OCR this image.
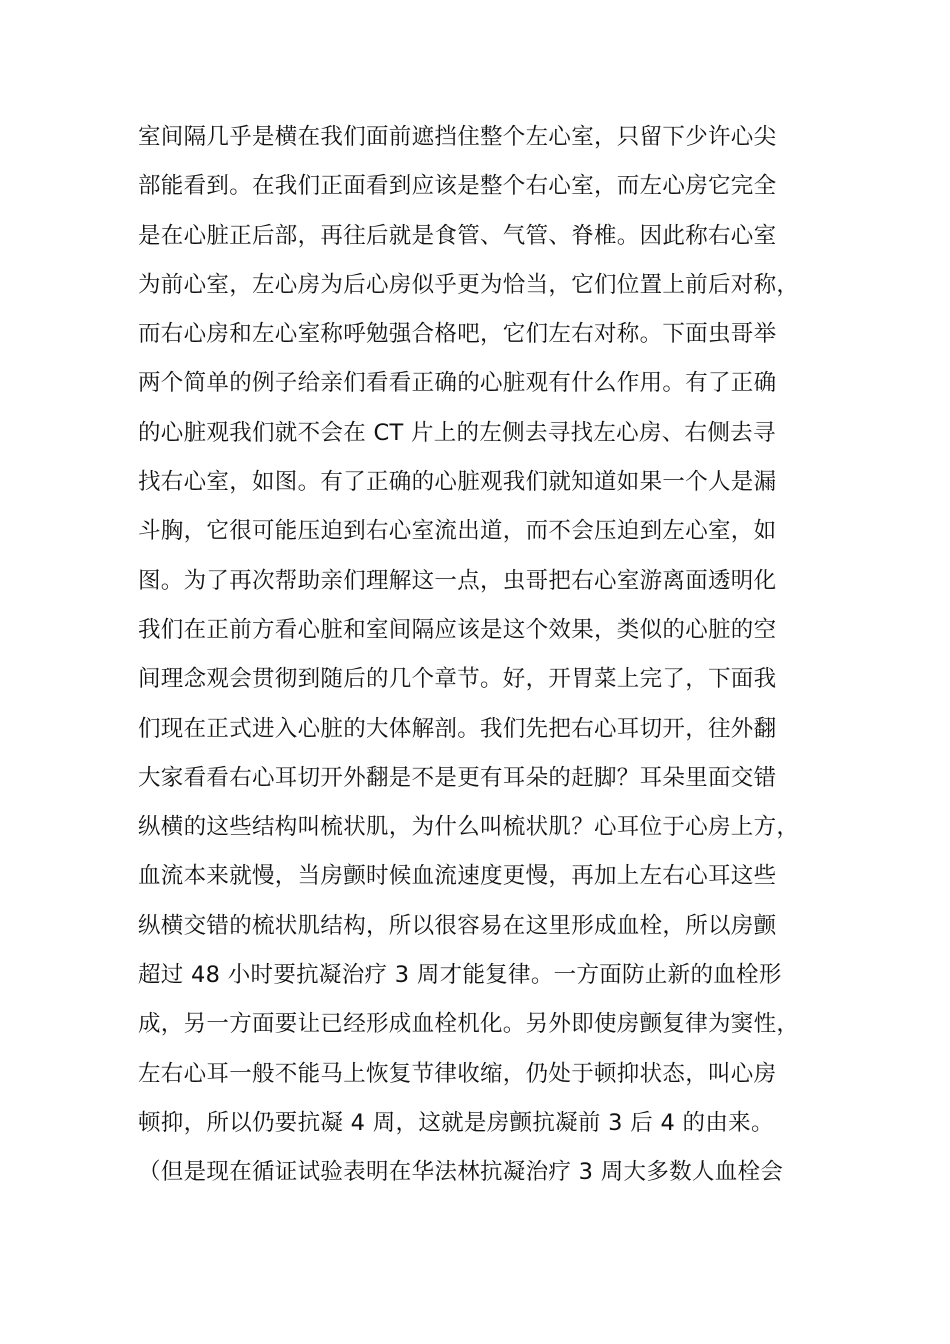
室间隔几乎是横在我们面前遮挡住整个左心室，只留下少许心尖
部能看到。在我们正面看到应该是整个右心室，而左心房它完全
是在心脏正后部，再往后就是食管、气管、脊椎。因此称右心室
为前心室，左心房为后心房似乎更为恰当，它们位置上前后对称，
而右心房和左心室称呼勉强合格吧，它们左右对称。下面虫哥举
两个简单的例子给亲们看看正确的心脏观有什么作用。有了正确
的心脏观我们就不会在 CT 片上的左侧去寻找左心房、右侧去寻
找右心室，如图。有了正确的心脏观我们就知道如果一个人是漏
斗胸，它很可能压迫到右心室流出道，而不会压迫到左心室，如
图。为了再次帮助亲们理解这一点，虫哥把右心室游离面透明化
我们在正前方看心脏和室间隔应该是这个效果，类似的心脏的空
间理念观会贯彻到随后的几个章节。好，开胃菜上完了，下面我
们现在正式进入心脏的大体解剖。我们先把右心耳切开，往外翻
大家看看右心耳切开外翻是不是更有耳朵的赶脚？耳朵里面交错
纵横的这些结构叫梳状肌，为什么叫梳状肌？心耳位于心房上方，
血流本来就慢，当房颤时候血流速度更慢，再加上左右心耳这些
纵横交错的梳状肌结构，所以很容易在这里形成血栓，所以房颤
超过 48 小时要抗凝治疗 3 周才能复律。一方面防止新的血栓形
成，另一方面要让已经形成血栓机化。另外即使房颤复律为窦性，
左右心耳一般不能马上恢复节律收缩，仍处于顿抑状态，叫心房
顿抑，所以仍要抗凝 4 周，这就是房颤抗凝前 3 后 4 的由来。
（但是现在循证试验表明在华法林抗凝治疗 3 周大多数人血栓会
